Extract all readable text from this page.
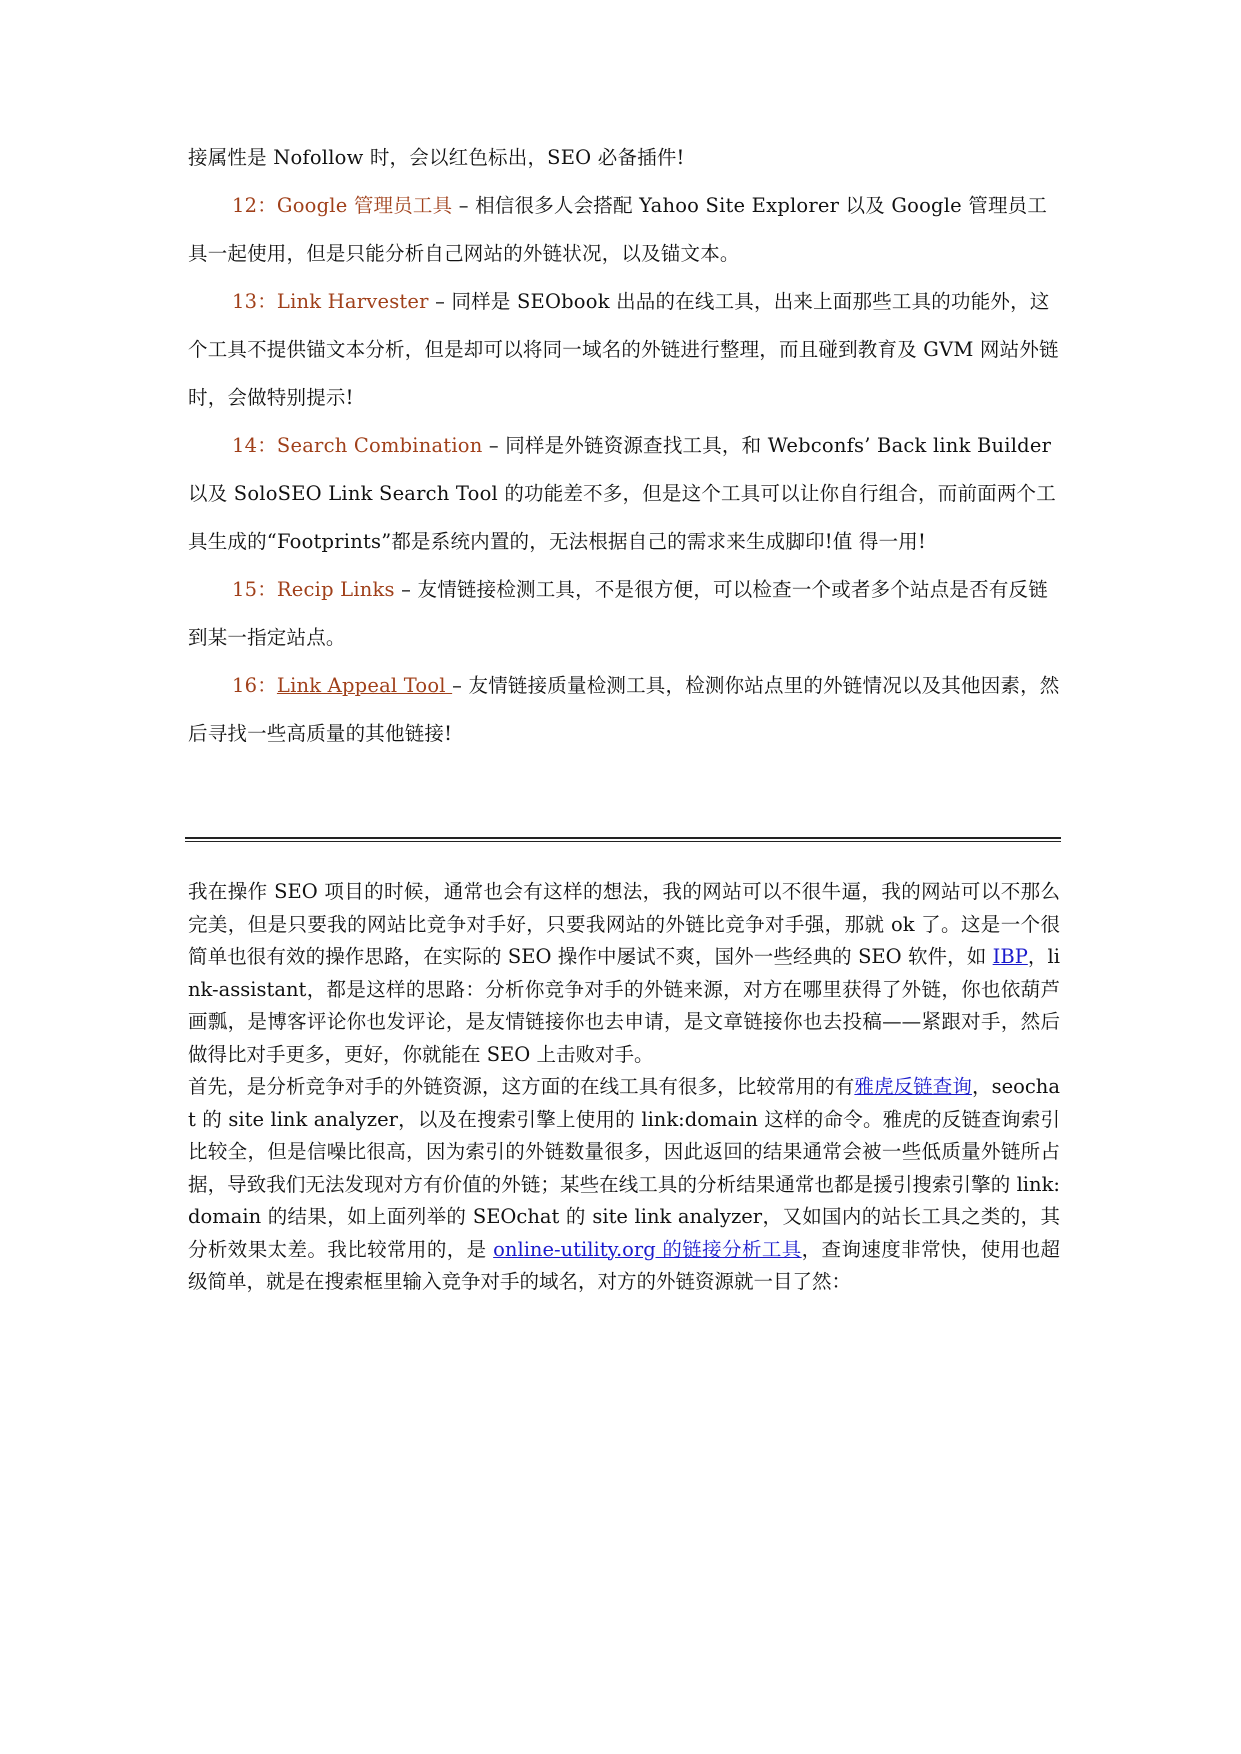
接属性是 Nofollow 时，会以红色标出，SEO 必备插件!

12：Google 管理员工具 – 相信很多人会搭配 Yahoo Site Explorer 以及 Google 管理员工具一起使用，但是只能分析自己网站的外链状况，以及锚文本。

13：Link Harvester – 同样是 SEObook 出品的在线工具，出来上面那些工具的功能外，这个工具不提供锚文本分析，但是却可以将同一域名的外链进行整理，而且碰到教育及 GVM 网站外链时，会做特别提示!

14：Search Combination – 同样是外链资源查找工具，和 Webconfs’ Back link Builder 以及 SoloSEO Link Search Tool 的功能差不多，但是这个工具可以让你自行组合，而前面两个工具生成的“Footprints”都是系统内置的，无法根据自己的需求来生成脚印!值 得一用!

15：Recip Links – 友情链接检测工具，不是很方便，可以检查一个或者多个站点是否有反链到某一指定站点。

16：Link Appeal Tool – 友情链接质量检测工具，检测你站点里的外链情况以及其他因素，然后寻找一些高质量的其他链接!

我在操作 SEO 项目的时候，通常也会有这样的想法，我的网站可以不很牛逼，我的网站可以不那么完美，但是只要我的网站比竞争对手好，只要我网站的外链比竞争对手强，那就 ok 了。这是一个很简单也很有效的操作思路，在实际的 SEO 操作中屡试不爽，国外一些经典的 SEO 软件，如 IBP，link-assistant，都是这样的思路：分析你竞争对手的外链来源，对方在哪里获得了外链，你也依葫芦画瓢，是博客评论你也发评论，是友情链接你也去申请，是文章链接你也去投稿——紧跟对手，然后做得比对手更多，更好，你就能在 SEO 上击败对手。

首先，是分析竞争对手的外链资源，这方面的在线工具有很多，比较常用的有雅虎反链查询，seochat 的 site link analyzer，以及在搜索引擎上使用的 link:domain 这样的命令。雅虎的反链查询索引比较全，但是信噪比很高，因为索引的外链数量很多，因此返回的结果通常会被一些低质量外链所占据，导致我们无法发现对方有价值的外链；某些在线工具的分析结果通常也都是援引搜索引擎的 link:domain 的结果，如上面列举的 SEOchat 的 site link analyzer，又如国内的站长工具之类的，其分析效果太差。我比较常用的，是 online-utility.org 的链接分析工具，查询速度非常快，使用也超级简单，就是在搜索框里输入竞争对手的域名，对方的外链资源就一目了然：
